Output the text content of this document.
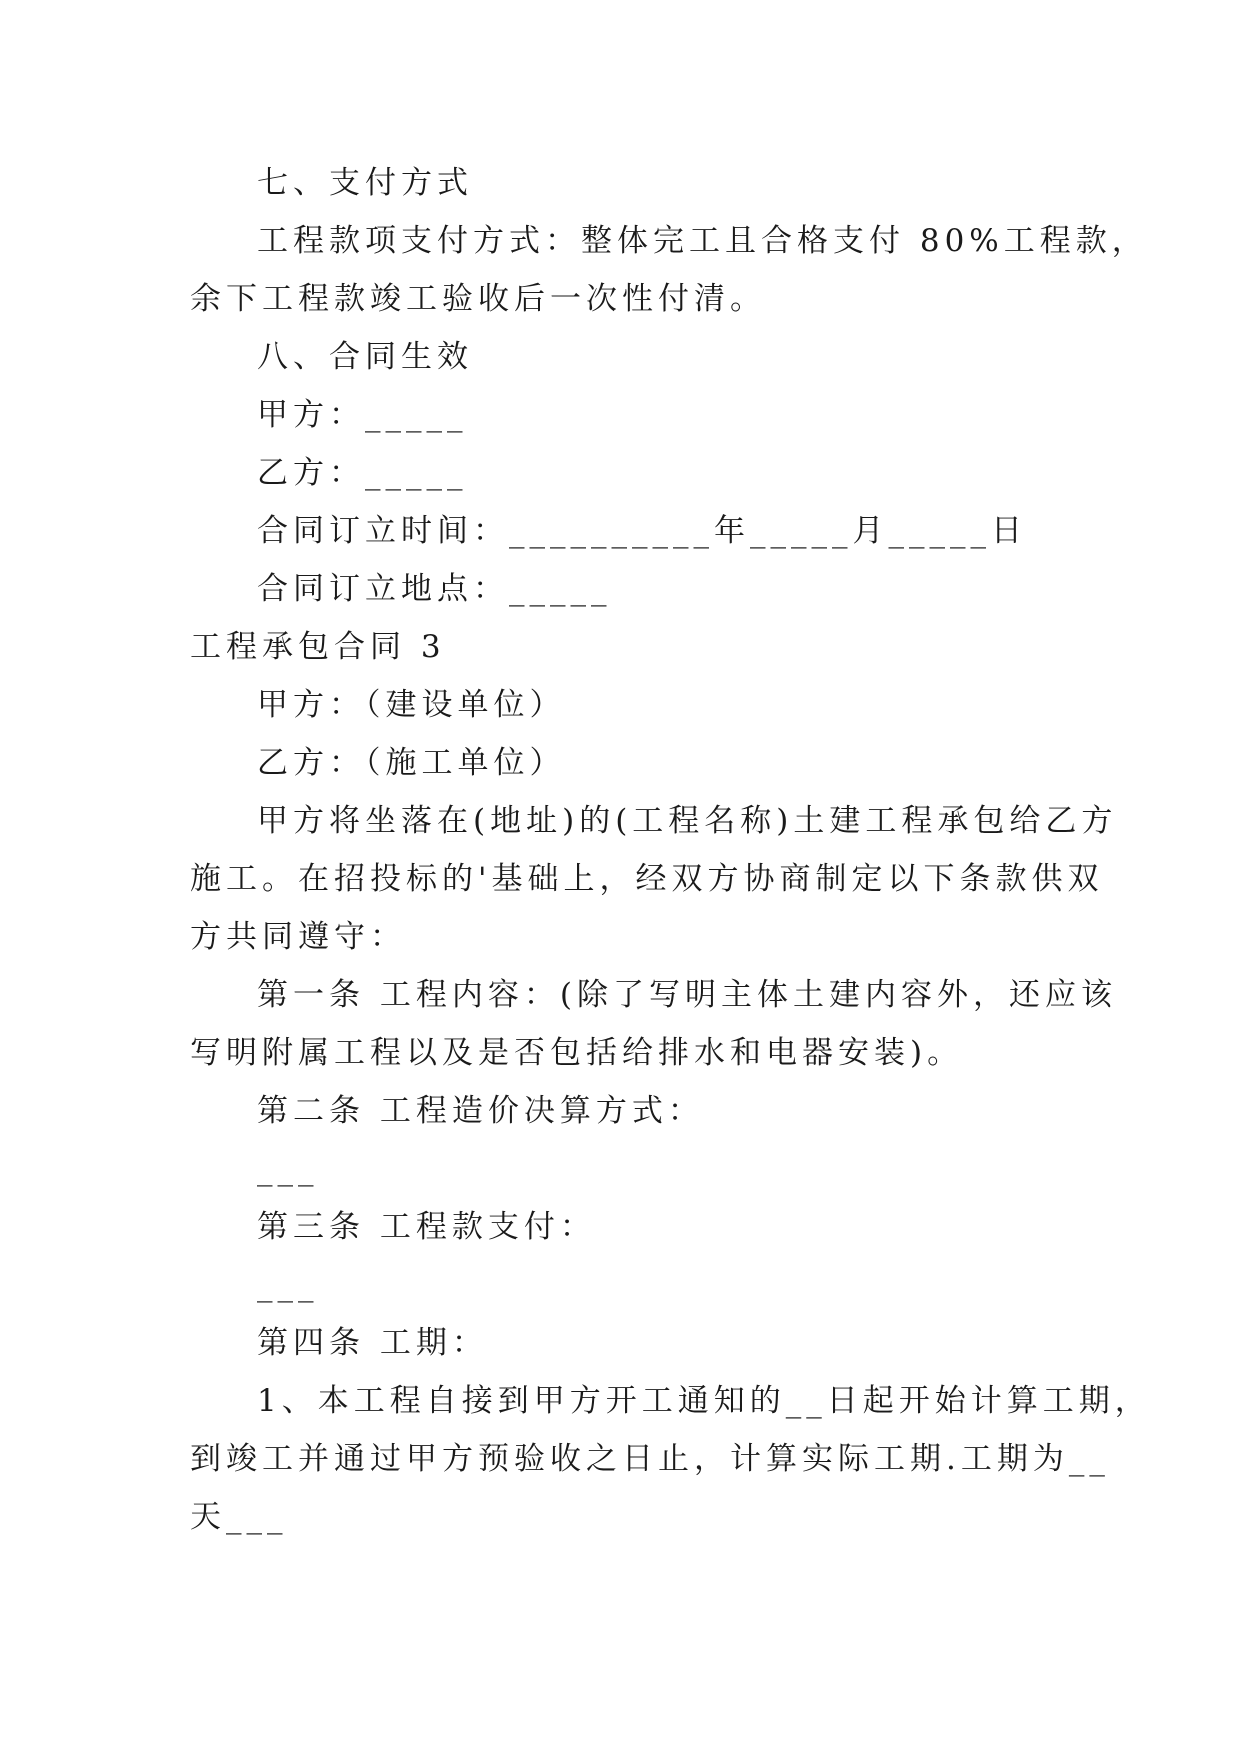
七、支付方式
工程款项支付方式：整体完工且合格支付 80%工程款，
余下工程款竣工验收后一次性付清。
八、合同生效
甲方：_____
乙方：_____
合同订立时间：__________年_____月_____日
合同订立地点：_____
工程承包合同 3
甲方：（建设单位）
乙方：（施工单位）
甲方将坐落在(地址)的(工程名称)土建工程承包给乙方
施工。在招投标的'基础上，经双方协商制定以下条款供双
方共同遵守：
第一条 工程内容：(除了写明主体土建内容外，还应该
写明附属工程以及是否包括给排水和电器安装)。
第二条 工程造价决算方式：
___
第三条 工程款支付：
___
第四条 工期：
1、本工程自接到甲方开工通知的__日起开始计算工期，
到竣工并通过甲方预验收之日止，计算实际工期.工期为__
天___
